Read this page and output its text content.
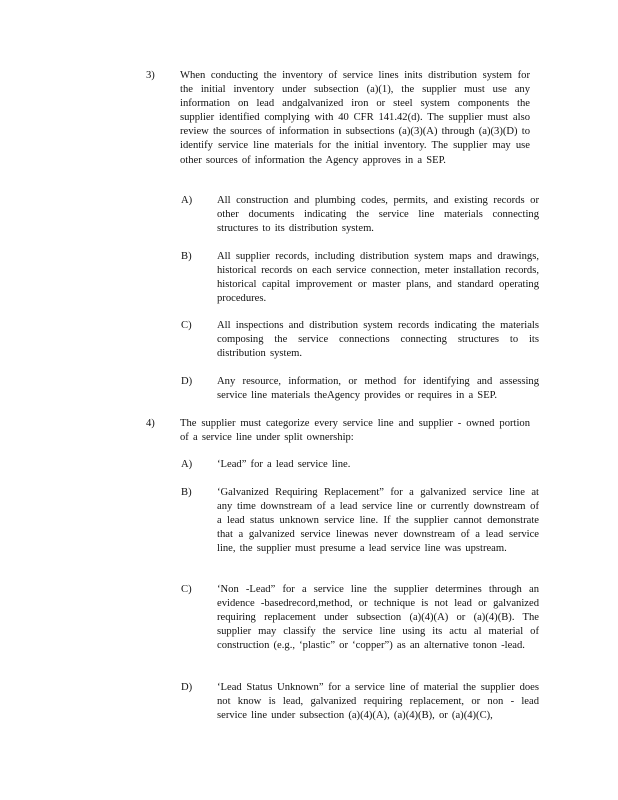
3) When conducting the inventory of service lines inits distribution system for the initial inventory under subsection (a)(1), the supplier must use any information on lead andgalvanized iron or steel system components the supplier identified complying with 40 CFR 141.42(d). The supplier must also review the sources of information in subsections (a)(3)(A) through (a)(3)(D) to identify service line materials for the initial inventory. The supplier may use other sources of information the Agency approves in a SEP.
A) All construction and plumbing codes, permits, and existing records or other documents indicating the service line materials connecting structures to its distribution system.
B) All supplier records, including distribution system maps and drawings, historical records on each service connection, meter installation records, historical capital improvement or master plans, and standard operating procedures.
C) All inspections and distribution system records indicating the materials composing the service connections connecting structures to its distribution system.
D) Any resource, information, or method for identifying and assessing service line materials theAgency provides or requires in a SEP.
4) The supplier must categorize every service line and supplier - owned portion of a service line under split ownership:
A) ‘Lead” for a lead service line.
B) ‘Galvanized Requiring Replacement” for a galvanized service line at any time downstream of a lead service line or currently downstream of a lead status unknown service line. If the supplier cannot demonstrate that a galvanized service linewas never downstream of a lead service line, the supplier must presume a lead service line was upstream.
C) ‘Non -Lead” for a service line the supplier determines through an evidence -basedrecord,method, or technique is not lead or galvanized requiring replacement under subsection (a)(4)(A) or (a)(4)(B). The supplier may classify the service line using its actu al material of construction (e.g., ‘plastic” or ‘copper”) as an alternative tonon -lead.
D) ‘Lead Status Unknown” for a service line of material the supplier does not know is lead, galvanized requiring replacement, or non - lead service line under subsection (a)(4)(A), (a)(4)(B), or (a)(4)(C),
